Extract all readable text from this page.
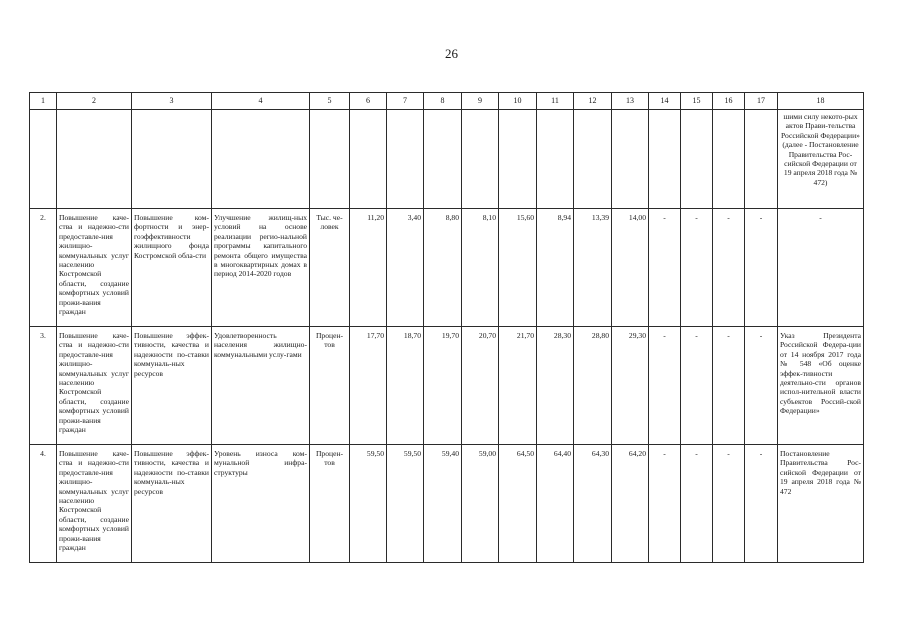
26
1	2	3	4	5	6	7	8	9	10	11	12	13	14	15	16	17	18
																	шими силу некото-рых актов Прави-тельства Российской Федерации» (далее - Постановление Правительства Рос-сийской Федерации от 19 апреля 2018 года № 472)
2.	Повышение каче-ства и надежно-сти предоставле-ния жилищно-коммунальных услуг населению Костромской области, создание комфортных условий прожи-вания граждан	Повышение ком-фортности и энер-гоэффективности жилищного фонда Костромской обла-сти	Улучшение жилищ-ных условий на основе реализации регио-нальной программы капитального ремонта общего имущества в многоквартирных домах в период 2014-2020 годов	Тыс. че-ловек	11,20	3,40	8,80	8,10	15,60	8,94	13,39	14,00	-	-	-	-	-
3.	Повышение каче-ства и надежно-сти предоставле-ния жилищно-коммунальных услуг населению Костромской области, создание комфортных условий прожи-вания граждан	Повышение эффек-тивности, качества и надежности по-ставки коммуналь-ных ресурсов	Удовлетворенность населения жилищно-коммунальными услу-гами	Процен-тов	17,70	18,70	19,70	20,70	21,70	28,30	28,80	29,30	-	-	-	-	Указ Президента Российской Федера-ции от 14 ноября 2017 года № 548 «Об оценке эффек-тивности деятельно-сти органов испол-нительной власти субъектов Россий-ской Федерации»
4.	Повышение каче-ства и надежно-сти предоставле-ния жилищно-коммунальных услуг населению Костромской области, создание комфортных условий прожи-вания граждан	Повышение эффек-тивности, качества и надежности по-ставки коммуналь-ных ресурсов	Уровень износа ком-мунальной инфра-структуры	Процен-тов	59,50	59,50	59,40	59,00	64,50	64,40	64,30	64,20	-	-	-	-	Постановление Правительства Рос-сийской Федерации от 19 апреля 2018 года № 472
